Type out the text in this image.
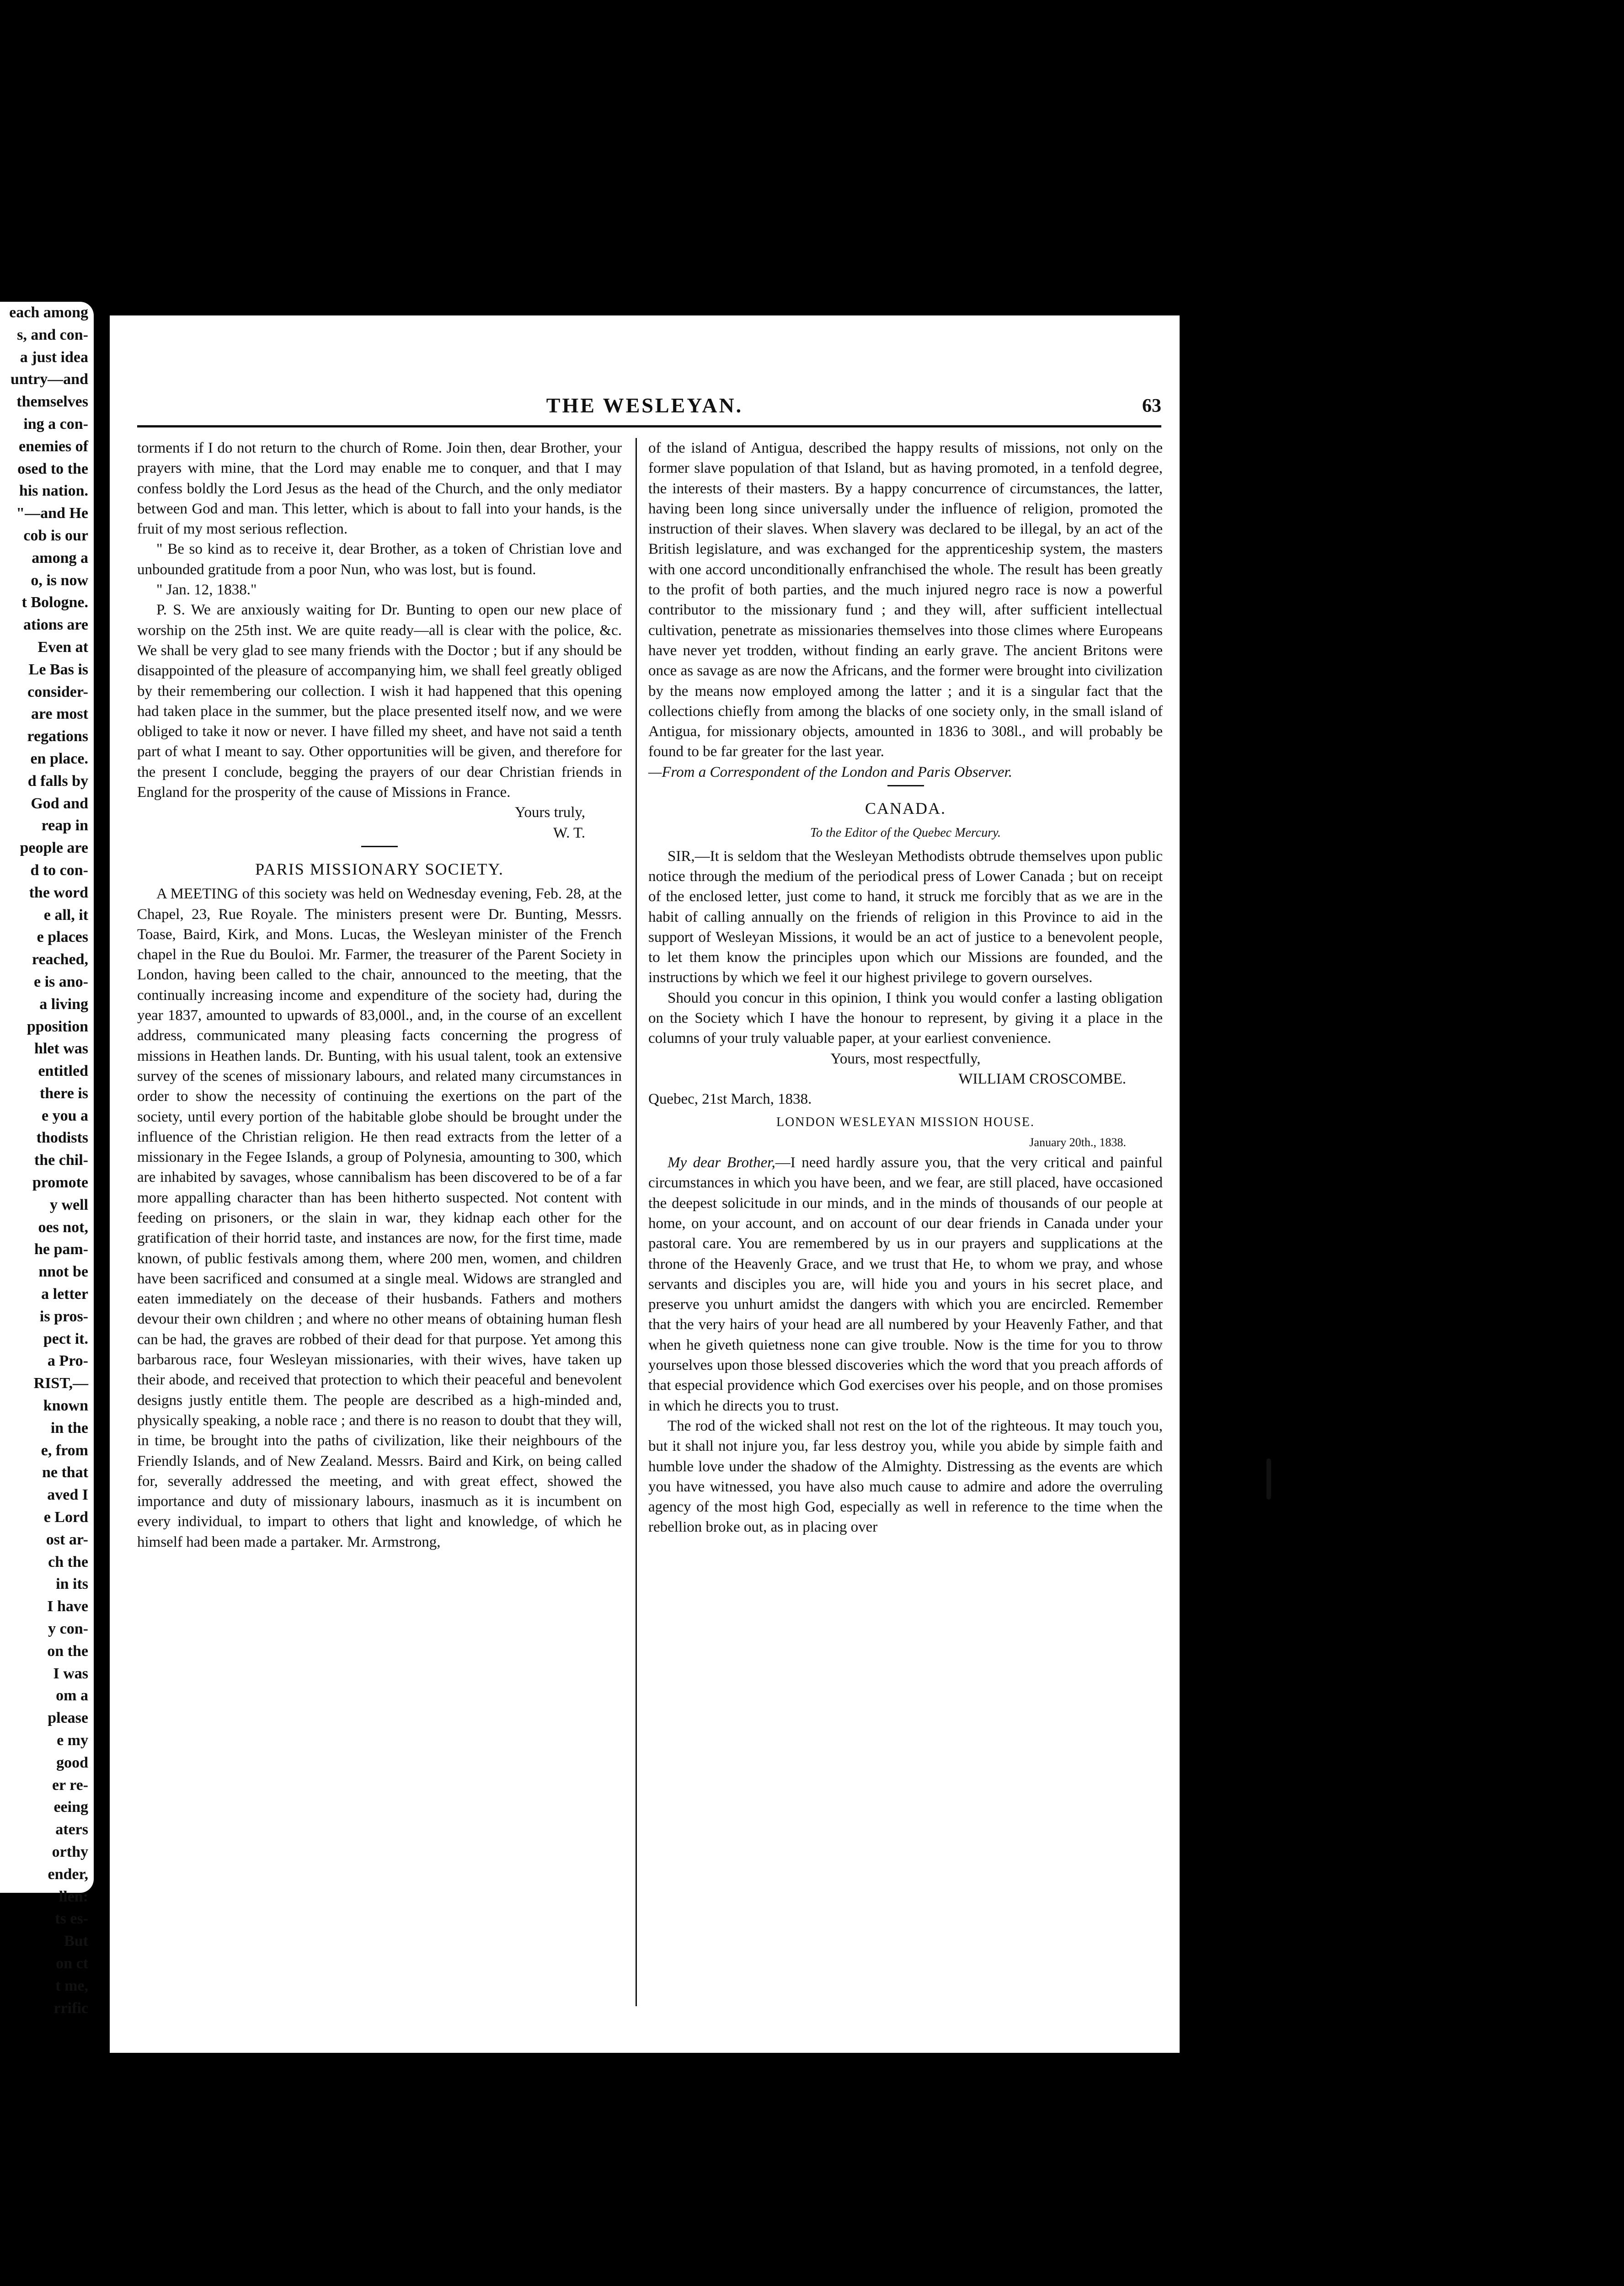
each among
s, and con-
a just idea
untry—and
themselves
ing a con-
enemies of
osed to the
his nation.
"—and He
cob is our
among a
o, is now
t Bologne.
ations are
Even at
Le Bas is
consider-
are most
regations
en place.
d falls by
God and
reap in
people are
d to con-
the word
e all, it
e places
reached,
e is ano-
a living
pposition
hlet was
entitled
there is
e you a
thodists
the chil-
promote
y well
oes not,
he pam-
nnot be
a letter
is pros-
pect it.
a Pro-
RIST,—
known
in the
e, from
ne that
aved I
e Lord
ost ar-
ch the
in its
I have
y con-
on the
I was
om a
please
e my
good
er re-
eeing
aters
orthy
ender,
llen:
ts es-
But
on ct
t me,
rrific
THE WESLEYAN.	63

torments if I do not return to the church of Rome. Join then, dear Brother, your prayers with mine, that the Lord may enable me to conquer, and that I may confess boldly the Lord Jesus as the head of the Church, and the only mediator between God and man. This letter, which is about to fall into your hands, is the fruit of my most serious reflection.

" Be so kind as to receive it, dear Brother, as a token of Christian love and unbounded gratitude from a poor Nun, who was lost, but is found.

" Jan. 12, 1838."

P. S. We are anxiously waiting for Dr. Bunting to open our new place of worship on the 25th inst. We are quite ready—all is clear with the police, &c. We shall be very glad to see many friends with the Doctor ; but if any should be disappointed of the pleasure of accompanying him, we shall feel greatly obliged by their remembering our collection. I wish it had happened that this opening had taken place in the summer, but the place presented itself now, and we were obliged to take it now or never. I have filled my sheet, and have not said a tenth part of what I meant to say. Other opportunities will be given, and therefore for the present I conclude, begging the prayers of our dear Christian friends in England for the prosperity of the cause of Missions in France.

Yours truly,

W. T.

PARIS MISSIONARY SOCIETY.

A MEETING of this society was held on Wednesday evening, Feb. 28, at the Chapel, 23, Rue Royale. The ministers present were Dr. Bunting, Messrs. Toase, Baird, Kirk, and Mons. Lucas, the Wesleyan minister of the French chapel in the Rue du Bouloi. Mr. Farmer, the treasurer of the Parent Society in London, having been called to the chair, announced to the meeting, that the continually increasing income and expenditure of the society had, during the year 1837, amounted to upwards of 83,000l., and, in the course of an excellent address, communicated many pleasing facts concerning the progress of missions in Heathen lands. Dr. Bunting, with his usual talent, took an extensive survey of the scenes of missionary labours, and related many circumstances in order to show the necessity of continuing the exertions on the part of the society, until every portion of the habitable globe should be brought under the influence of the Christian religion. He then read extracts from the letter of a missionary in the Fegee Islands, a group of Polynesia, amounting to 300, which are inhabited by savages, whose cannibalism has been discovered to be of a far more appalling character than has been hitherto suspected. Not content with feeding on prisoners, or the slain in war, they kidnap each other for the gratification of their horrid taste, and instances are now, for the first time, made known, of public festivals among them, where 200 men, women, and children have been sacrificed and consumed at a single meal. Widows are strangled and eaten immediately on the decease of their husbands. Fathers and mothers devour their own children ; and where no other means of obtaining human flesh can be had, the graves are robbed of their dead for that purpose. Yet among this barbarous race, four Wesleyan missionaries, with their wives, have taken up their abode, and received that protection to which their peaceful and benevolent designs justly entitle them. The people are described as a high-minded and, physically speaking, a noble race ; and there is no reason to doubt that they will, in time, be brought into the paths of civilization, like their neighbours of the Friendly Islands, and of New Zealand. Messrs. Baird and Kirk, on being called for, severally addressed the meeting, and with great effect, showed the importance and duty of missionary labours, inasmuch as it is incumbent on every individual, to impart to others that light and knowledge, of which he himself had been made a partaker. Mr. Armstrong,

of the island of Antigua, described the happy results of missions, not only on the former slave population of that Island, but as having promoted, in a tenfold degree, the interests of their masters. By a happy concurrence of circumstances, the latter, having been long since universally under the influence of religion, promoted the instruction of their slaves. When slavery was declared to be illegal, by an act of the British legislature, and was exchanged for the apprenticeship system, the masters with one accord unconditionally enfranchised the whole. The result has been greatly to the profit of both parties, and the much injured negro race is now a powerful contributor to the missionary fund ; and they will, after sufficient intellectual cultivation, penetrate as missionaries themselves into those climes where Europeans have never yet trodden, without finding an early grave. The ancient Britons were once as savage as are now the Africans, and the former were brought into civilization by the means now employed among the latter ; and it is a singular fact that the collections chiefly from among the blacks of one society only, in the small island of Antigua, for missionary objects, amounted in 1836 to 308l., and will probably be found to be far greater for the last year.

—From a Correspondent of the London and Paris Observer.

CANADA.
To the Editor of the Quebec Mercury.

SIR,—It is seldom that the Wesleyan Methodists obtrude themselves upon public notice through the medium of the periodical press of Lower Canada ; but on receipt of the enclosed letter, just come to hand, it struck me forcibly that as we are in the habit of calling annually on the friends of religion in this Province to aid in the support of Wesleyan Missions, it would be an act of justice to a benevolent people, to let them know the principles upon which our Missions are founded, and the instructions by which we feel it our highest privilege to govern ourselves.

Should you concur in this opinion, I think you would confer a lasting obligation on the Society which I have the honour to represent, by giving it a place in the columns of your truly valuable paper, at your earliest convenience.

Yours, most respectfully,

WILLIAM CROSCOMBE.

Quebec, 21st March, 1838.

LONDON WESLEYAN MISSION HOUSE.
January 20th., 1838.

My dear Brother,—I need hardly assure you, that the very critical and painful circumstances in which you have been, and we fear, are still placed, have occasioned the deepest solicitude in our minds, and in the minds of thousands of our people at home, on your account, and on account of our dear friends in Canada under your pastoral care. You are remembered by us in our prayers and supplications at the throne of the Heavenly Grace, and we trust that He, to whom we pray, and whose servants and disciples you are, will hide you and yours in his secret place, and preserve you unhurt amidst the dangers with which you are encircled. Remember that the very hairs of your head are all numbered by your Heavenly Father, and that when he giveth quietness none can give trouble. Now is the time for you to throw yourselves upon those blessed discoveries which the word that you preach affords of that especial providence which God exercises over his people, and on those promises in which he directs you to trust.

The rod of the wicked shall not rest on the lot of the righteous. It may touch you, but it shall not injure you, far less destroy you, while you abide by simple faith and humble love under the shadow of the Almighty. Distressing as the events are which you have witnessed, you have also much cause to admire and adore the overruling agency of the most high God, especially as well in reference to the time when the rebellion broke out, as in placing over
